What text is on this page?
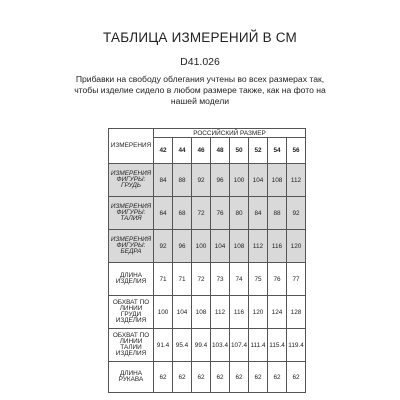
ТАБЛИЦА ИЗМЕРЕНИЙ В СМ
D41.026
Прибавки на свободу облегания учтены во всех размерах так, чтобы изделие сидело в любом размере также, как на фото на нашей модели
ИЗМЕРЕНИЯ	РОССИЙСКИЙ РАЗМЕР							
	42	44	46	48	50	52	54	56
ИЗМЕРЕНИЯ ФИГУРЫ: ГРУДЬ	84	88	92	96	100	104	108	112
ИЗМЕРЕНИЯ ФИГУРЫ: ТАЛИЯ	64	68	72	76	80	84	88	92
ИЗМЕРЕНИЯ ФИГУРЫ: БЕДРА	92	96	100	104	108	112	116	120
ДЛИНА ИЗДЕЛИЯ	71	71	72	73	74	75	76	77
ОБХВАТ ПО ЛИНИИ ГРУДИ ИЗДЕЛИЯ	100	104	108	112	116	120	124	128
ОБХВАТ ПО ЛИНИИ ТАЛИИ ИЗДЕЛИЯ	91.4	95.4	99.4	103.4	107.4	111.4	115.4	119.4
ДЛИНА РУКАВА	62	62	62	62	62	62	62	62
